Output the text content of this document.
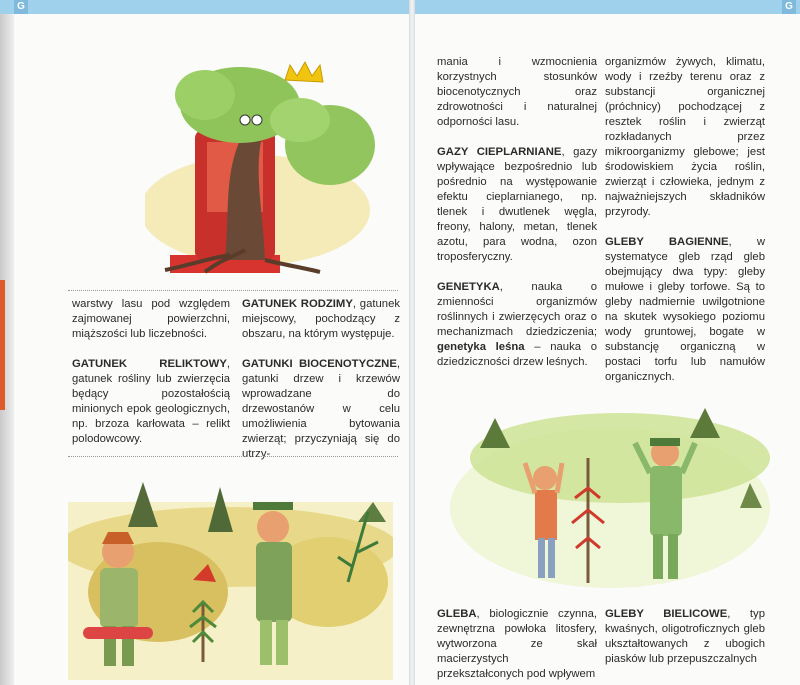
warstwy lasu pod względem zajmowanej powierzchni, miąższości lub liczebności.

GATUNEK RELIKTOWY, gatunek rośliny lub zwierzęcia będący pozostałością minionych epok geologicznych, np. brzoza karłowata – relikt polodowcowy.

GATUNEK RODZIMY, gatunek miejscowy, pochodzący z obszaru, na którym występuje.

GATUNKI BIOCENOTYCZNE, gatunki drzew i krzewów wprowadzane do drzewostanów w celu umożliwienia bytowania zwierząt; przyczyniają się do utrzy-

mania i wzmocnienia korzystnych stosunków biocenotycznych oraz zdrowotności i naturalnej odporności lasu.

GAZY CIEPLARNIANE, gazy wpływające bezpośrednio lub pośrednio na występowanie efektu cieplarnianego, np. tlenek i dwutlenek węgla, freony, halony, metan, tlenek azotu, para wodna, ozon troposferyczny.

GENETYKA, nauka o zmienności organizmów roślinnych i zwierzęcych oraz o mechanizmach dziedziczenia; genetyka leśna – nauka o dziedziczności drzew leśnych.

organizmów żywych, klimatu, wody i rzeźby terenu oraz z substancji organicznej (próchnicy) pochodzącej z resztek roślin i zwierząt rozkładanych przez mikroorganizmy glebowe; jest środowiskiem życia roślin, zwierząt i człowieka, jednym z najważniejszych składników przyrody.

GLEBY BAGIENNE, w systematyce gleb rząd gleb obejmujący dwa typy: gleby mułowe i gleby torfowe. Są to gleby nadmiernie uwilgotnione na skutek wysokiego poziomu wody gruntowej, bogate w substancję organiczną w postaci torfu lub namułów organicznych.

GLEBA, biologicznie czynna, zewnętrzna powłoka litosfery, wytworzona ze skał macierzystych przekształconych pod wpływem

GLEBY BIELICOWE, typ kwaśnych, oligotroficznych gleb ukształtowanych z ubogich piasków lub przepuszczalnych

G	G
